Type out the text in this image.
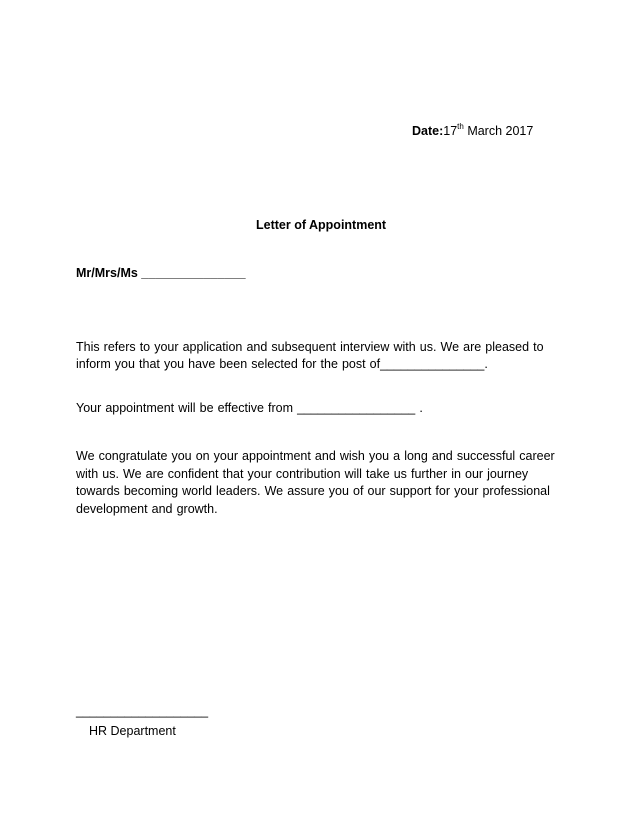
Date:17th March 2017
Letter of Appointment
Mr/Mrs/Ms _______________
This refers to your application and subsequent interview with us. We are pleased to inform you that you have been selected for the post of_______________.
Your appointment will be effective from _________________ .
We congratulate you on your appointment and wish you a long and successful career with us. We are confident that your contribution will take us further in our journey towards becoming world leaders. We assure you of our support for your professional development and growth.
___________________
HR Department
